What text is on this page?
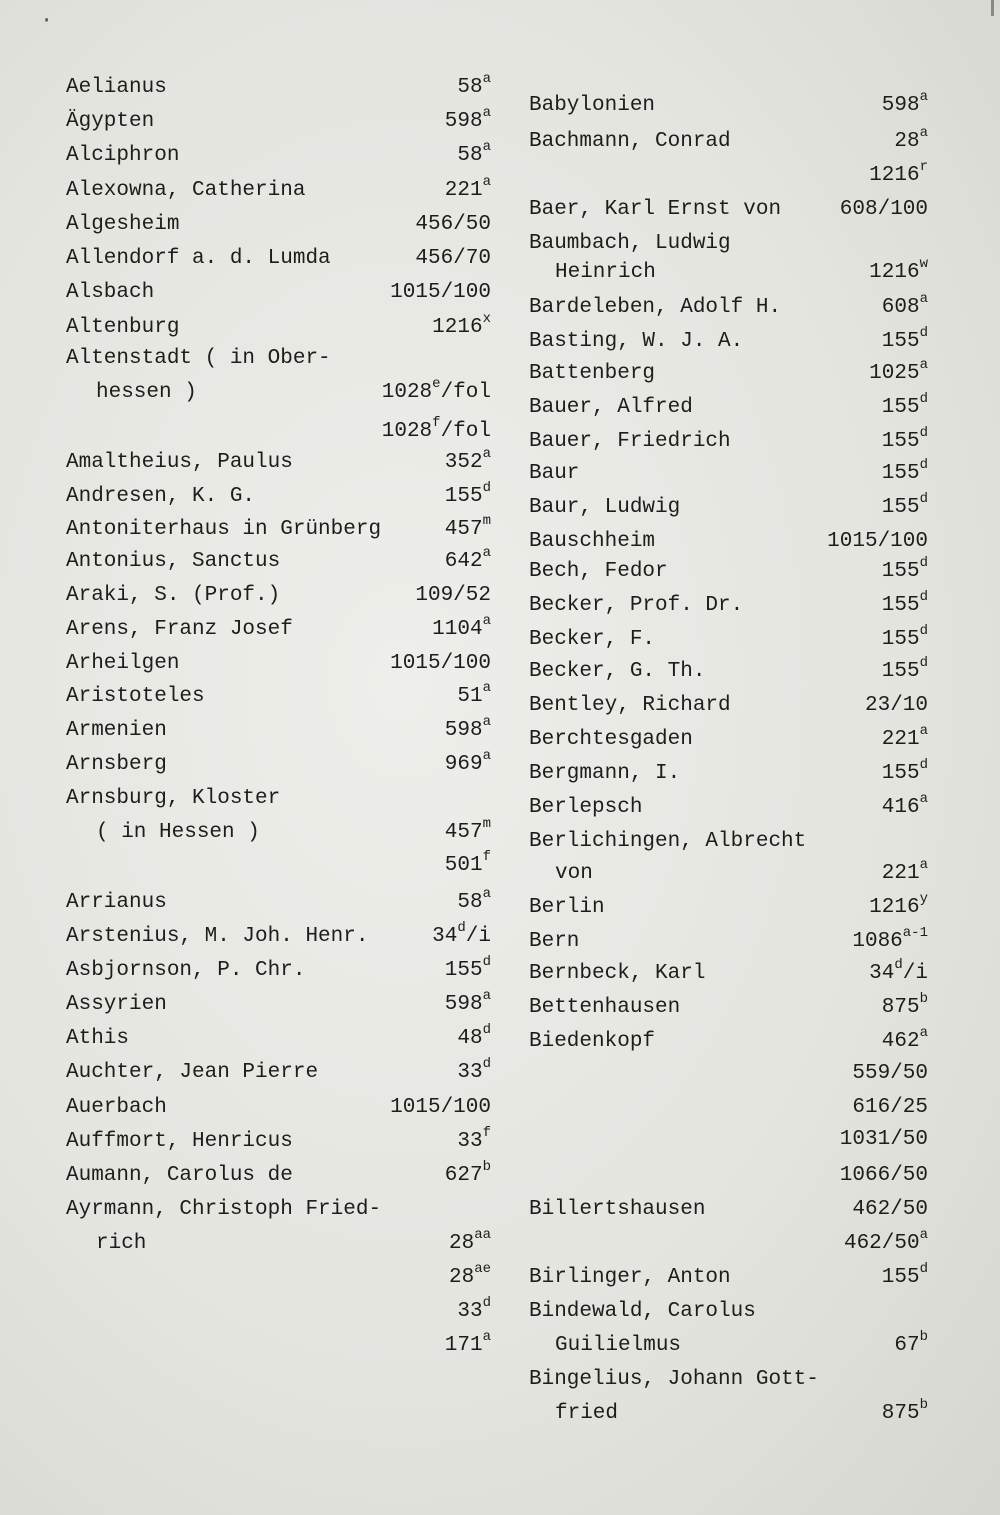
·
Aelianus	58$^a$
Ägypten	598$^a$
Alciphron	58$^a$
Alexowna, Catherina	221$^a$
Algesheim	456/50
Allendorf a. d. Lumda	456/70
Alsbach	1015/100
Altenburg	1216$^x$
Altenstadt ( in Ober-
hessen )	1028e/fol
1028$^f$/fol
Amaltheius, Paulus	352$^a$
Andresen, K. G.	155$^d$
Antoniterhaus in Grünberg	457$^m$
Antonius, Sanctus	642$^a$
Araki, S. (Prof.)	109/52
Arens, Franz Josef	1104$^a$
Arheilgen	1015/100
Aristoteles	51$^a$
Armenien	598$^a$
Arnsberg	969$^a$
Arnsburg, Kloster
( in Hessen )	457$^m$
501$^f$
Arrianus	58$^a$
Arstenius, M. Joh. Henr.	34$^d$/i
Asbjornson, P. Chr.	155$^d$
Assyrien	598$^a$
Athis	48$^d$
Auchter, Jean Pierre	33$^d$
Auerbach	1015/100
Auffmort, Henricus	33$^f$
Aumann, Carolus de	627$^b$
Ayrmann, Christoph Fried-
rich	$28^{aa}$
$28^{ae}$
33$^d$
171$^a$
Babylonien	598$^a$
Bachmann, Conrad	28$^a$
1216$^r$
Baer, Karl Ernst von	608/100
Baumbach, Ludwig
Heinrich	1216$^w$
Bardeleben, Adolf H.	608$^a$
Basting, W. J. A.	155$^d$
Battenberg	1025$^a$
Bauer, Alfred	155$^d$
Bauer, Friedrich	155$^d$
Baur	155$^d$
Baur, Ludwig	155$^d$
Bauschheim	1015/100
Bech, Fedor	155$^d$
Becker, Prof. Dr.	155$^d$
Becker, F.	155$^d$
Becker, G. Th.	155$^d$
Bentley, Richard	23/10
Berchtesgaden	221$^a$
Bergmann, I.	155$^d$
Berlepsch	416$^a$
Berlichingen, Albrecht
von	221$^a$
Berlin	1216$^y$
Bern	1086$^{a-1}$
Bernbeck, Karl	34$^d$/i
Bettenhausen	875$^b$
Biedenkopf	462$^a$
559/50
616/25
1031/50
1066/50
Billertshausen	462/50
462/50$^a$
Birlinger, Anton	155$^d$
Bindewald, Carolus
Guilielmus	67$^b$
Bingelius, Johann Gott-
fried	875$^b$
